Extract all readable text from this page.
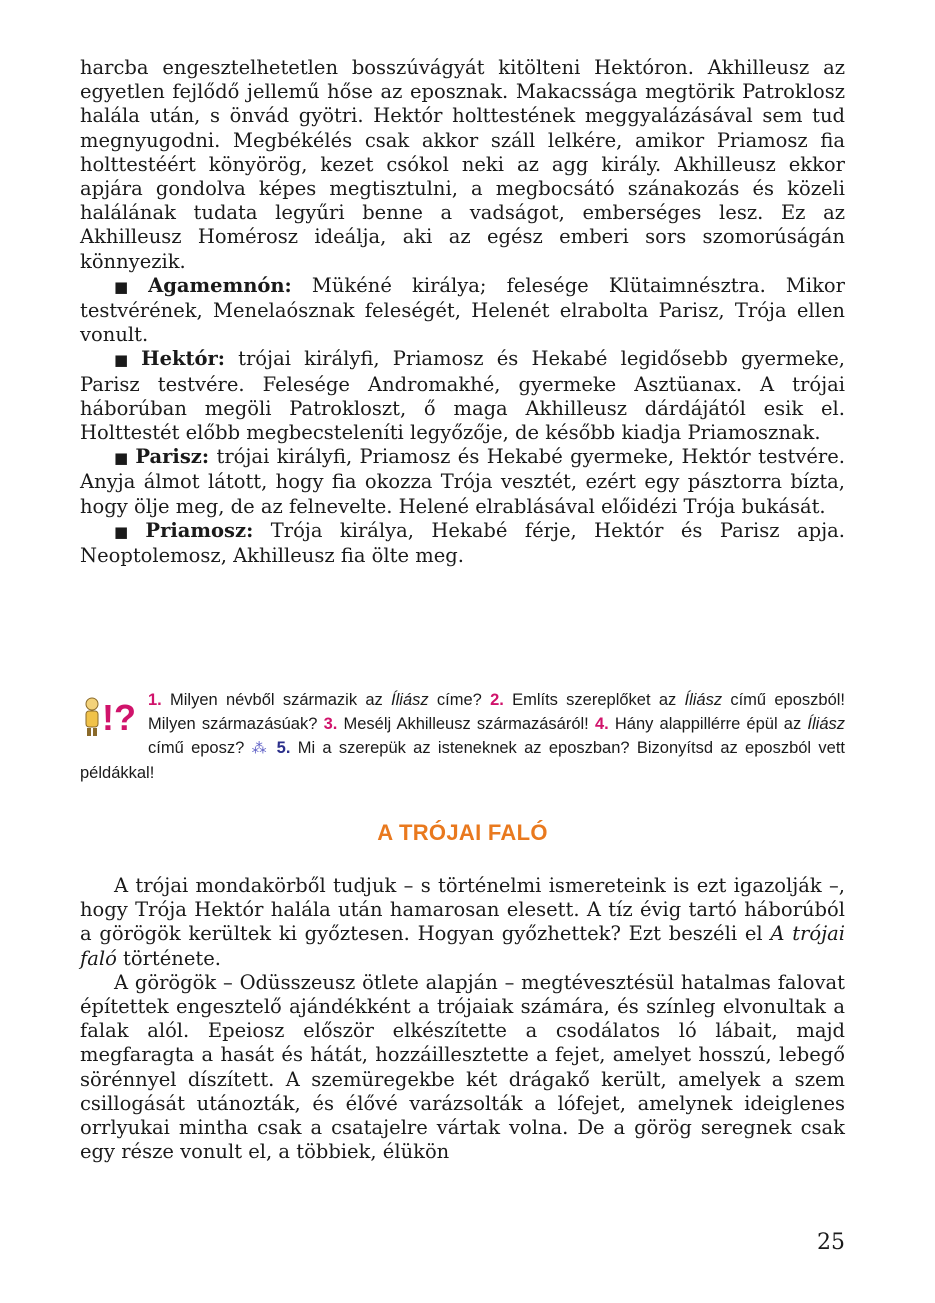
harcba engesztelhetetlen bosszúvágyát kitölteni Hektóron. Akhilleusz az egyetlen fejlődő jellemű hőse az eposznak. Makacssága megtörik Patroklosz halála után, s önvád gyötri. Hektór holttestének meggyalázásával sem tud megnyugodni. Megbékélés csak akkor száll lelkére, amikor Priamosz fia holttestéért könyörög, kezet csókol neki az agg király. Akhilleusz ekkor apjára gondolva képes megtisztulni, a megbocsátó szánakozás és közeli halálának tudata legyűri benne a vadságot, emberséges lesz. Ez az Akhilleusz Homérosz ideálja, aki az egész emberi sors szomorúságán könnyezik.

■ Agamemnón: Mükéné királya; felesége Klütaimnésztra. Mikor testvérének, Menelaósznak feleségét, Helenét elrabolta Parisz, Trója ellen vonult.

■ Hektór: trójai királyfi, Priamosz és Hekabé legidősebb gyermeke, Parisz testvére. Felesége Andromakhé, gyermeke Asztüanax. A trójai háborúban megöli Patrokloszt, ő maga Akhilleusz dárdájától esik el. Holttestét előbb megbecsteleníti legyőzője, de később kiadja Priamosznak.

■ Parisz: trójai királyfi, Priamosz és Hekabé gyermeke, Hektór testvére. Anyja álmot látott, hogy fia okozza Trója vesztét, ezért egy pásztorra bízta, hogy ölje meg, de az felnevelte. Helené elrablásával előidézi Trója bukását.

■ Priamosz: Trója királya, Hekabé férje, Hektór és Parisz apja. Neoptolemosz, Akhilleusz fia ölte meg.

!? 1. Milyen névből származik az Íliász címe? 2. Említs szereplőket az Íliász című eposzból! Milyen származásúak? 3. Mesélj Akhilleusz származásáról! 4. Hány alappillérre épül az Íliász című eposz? ⁂ 5. Mi a szerepük az isteneknek az eposzban? Bizonyítsd az eposzból vett példákkal!
A TRÓJAI FALÓ

A trójai mondakörből tudjuk – s történelmi ismereteink is ezt igazolják –, hogy Trója Hektór halála után hamarosan elesett. A tíz évig tartó háborúból a görögök kerültek ki győztesen. Hogyan győzhettek? Ezt beszéli el A trójai faló története.

A görögök – Odüsszeusz ötlete alapján – megtévesztésül hatalmas falovat építettek engesztelő ajándékként a trójaiak számára, és színleg elvonultak a falak alól. Epeiosz először elkészítette a csodálatos ló lábait, majd megfaragta a hasát és hátát, hozzáillesztette a fejet, amelyet hosszú, lebegő sörénnyel díszített. A szemüregekbe két drágakő került, amelyek a szem csillogását utánozták, és élővé varázsolták a lófejet, amelynek ideiglenes orrlyukai mintha csak a csatajelre vártak volna. De a görög seregnek csak egy része vonult el, a többiek, élükön

25
